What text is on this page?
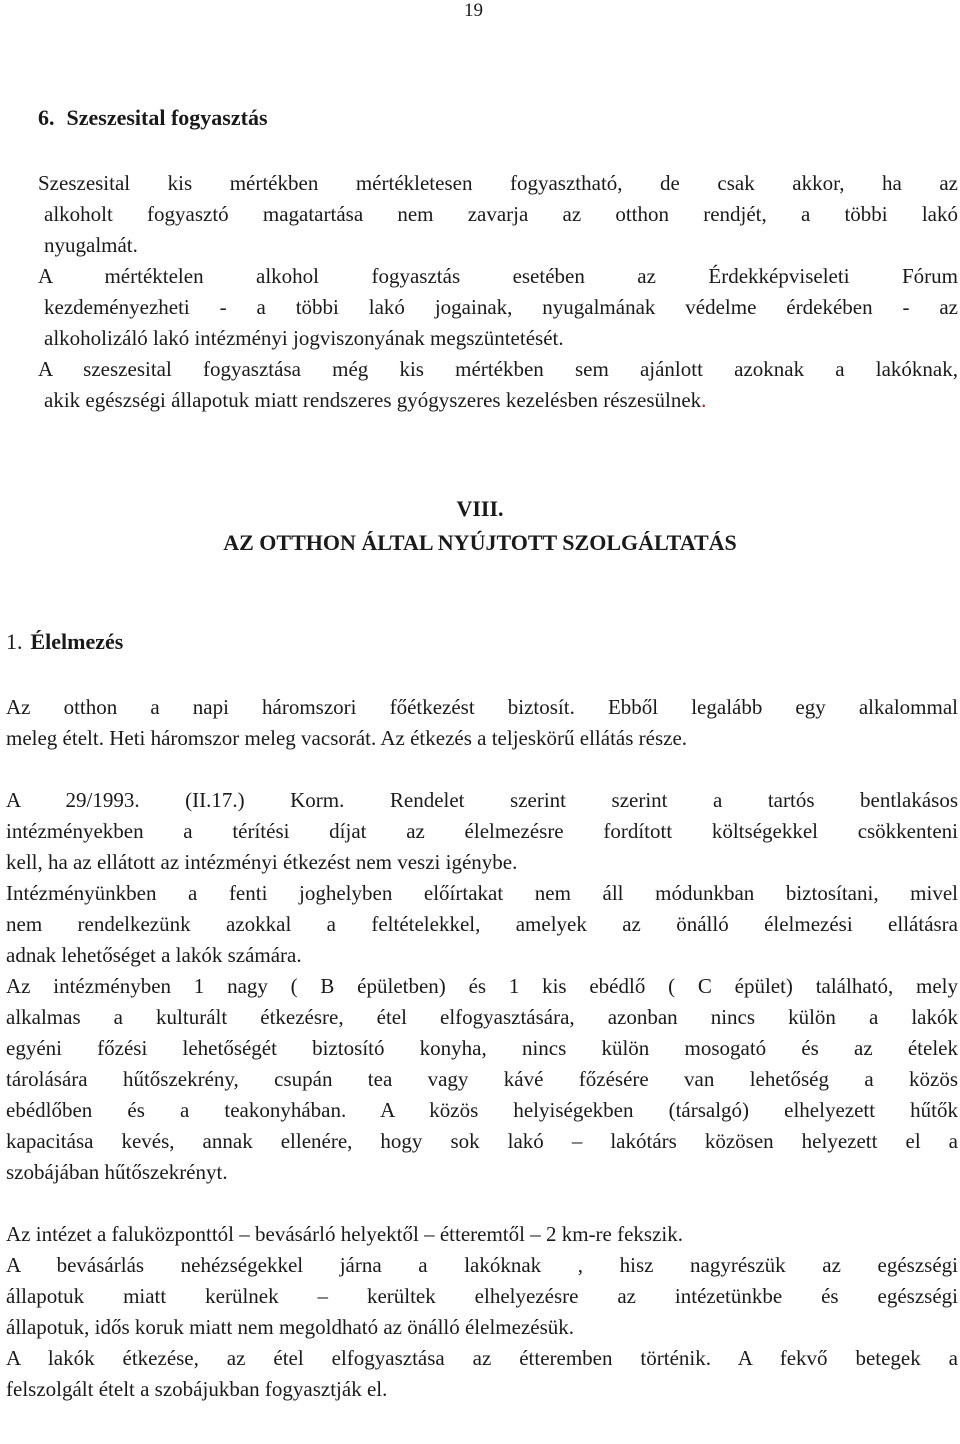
19
6. Szeszesital fogyasztás
Szeszesital kis mértékben mértékletesen fogyasztható, de csak akkor, ha az
alkoholt fogyasztó magatartása nem zavarja az otthon rendjét, a többi lakó
nyugalmát.
A mértéktelen alkohol fogyasztás esetében az Érdekképviseleti Fórum
kezdeményezheti - a többi lakó jogainak, nyugalmának védelme érdekében - az
alkoholizáló lakó intézményi jogviszonyának megszüntetését.
A szeszesital fogyasztása még kis mértékben sem ajánlott azoknak a lakóknak,
akik egészségi állapotuk miatt rendszeres gyógyszeres kezelésben részesülnek.
VIII.
AZ OTTHON ÁLTAL NYÚJTOTT SZOLGÁLTATÁS
1. Élelmezés
Az otthon a napi háromszori főétkezést biztosít. Ebből legalább egy alkalommal
meleg ételt. Heti háromszor meleg vacsorát. Az étkezés a teljeskörű ellátás része.
A 29/1993. (II.17.) Korm. Rendelet szerint szerint a tartós bentlakásos
intézményekben a térítési díjat az élelmezésre fordított költségekkel csökkenteni
kell, ha az ellátott az intézményi étkezést nem veszi igénybe.
Intézményünkben a fenti joghelyben előírtakat nem áll módunkban biztosítani, mivel
nem rendelkezünk azokkal a feltételekkel, amelyek az önálló élelmezési ellátásra
adnak lehetőséget a lakók számára.
Az intézményben 1 nagy ( B épületben) és 1 kis ebédlő ( C épület) található, mely
alkalmas a kulturált étkezésre, étel elfogyasztására, azonban nincs külön a lakók
egyéni főzési lehetőségét biztosító konyha, nincs külön mosogató és az ételek
tárolására hűtőszekrény, csupán tea vagy kávé főzésére van lehetőség a közös
ebédlőben és a teakonyhában. A közös helyiségekben (társalgó) elhelyezett hűtők
kapacitása kevés, annak ellenére, hogy sok lakó – lakótárs közösen helyezett el a
szobájában hűtőszekrényt.
Az intézet a faluközponttól – bevásárló helyektől – étteremtől – 2 km-re fekszik.
A bevásárlás nehézségekkel járna a lakóknak , hisz nagyrészük az egészségi
állapotuk miatt kerülnek – kerültek elhelyezésre az intézetünkbe és egészségi
állapotuk, idős koruk miatt nem megoldható az önálló élelmezésük.
A lakók étkezése, az étel elfogyasztása az étteremben történik. A fekvő betegek a
felszolgált ételt a szobájukban fogyasztják el.
